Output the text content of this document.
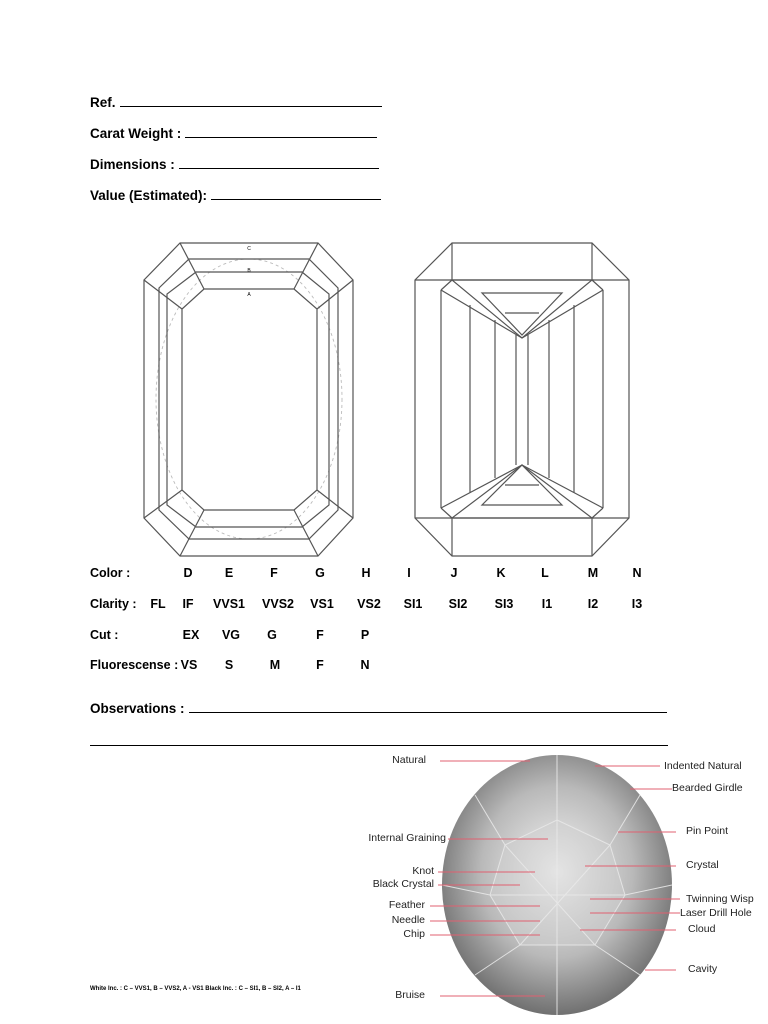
Ref.
Carat Weight :
Dimensions :
Value (Estimated):
C
B
A
Color :	D	E	F	G	H	I	J	K	L	M	N
Clarity : FL IF VVS1 VVS2 VS1 VS2 SI1 SI2 SI3 I1	I2	I3
Cut :	EX VG G	F	P
Fluorescense : VS S	M	F	N
Observations :
Natural
Internal Graining
Knot
Black Crystal
Feather
Needle
Chip
Bruise
Indented Natural
Bearded Girdle
Pin Point
Crystal
Twinning Wisp
Laser Drill Hole
Cloud
Cavity
White Inc. : C – VVS1, B – VVS2, A - VS1 Black Inc. : C – SI1, B – SI2, A – I1
